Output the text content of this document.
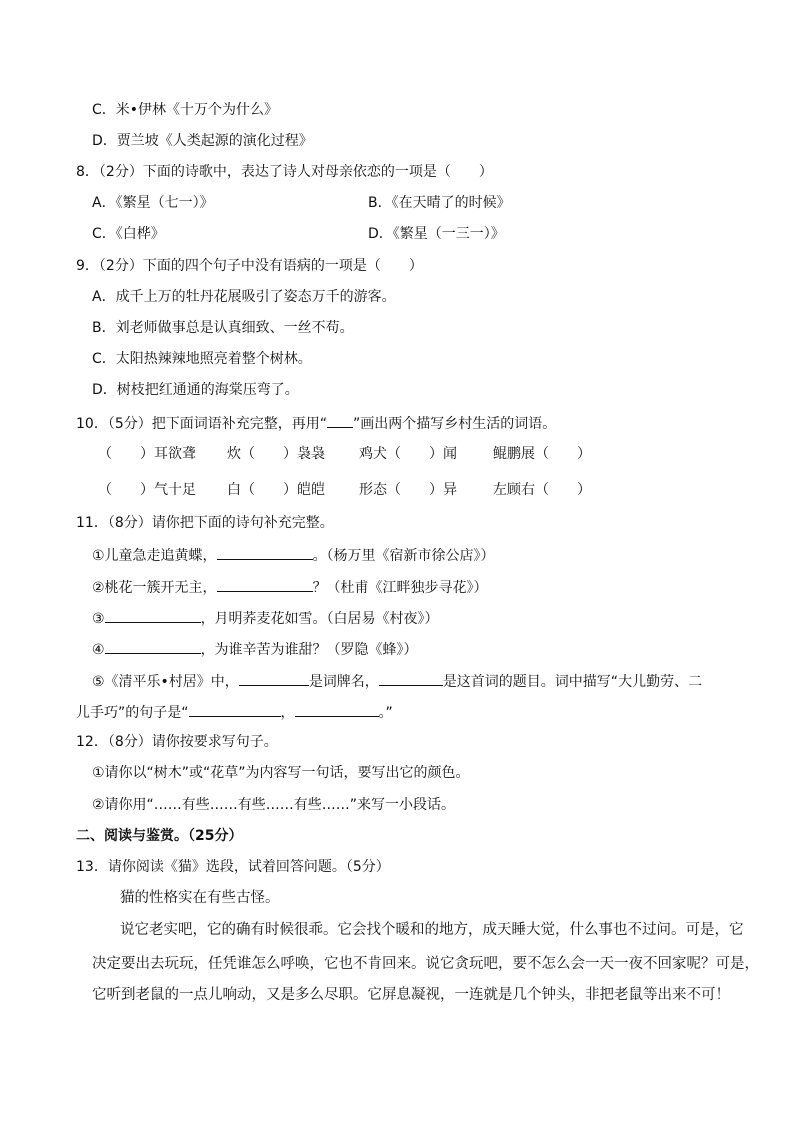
C．米•伊林《十万个为什么》
D．贾兰坡《人类起源的演化过程》
8．（2分）下面的诗歌中，表达了诗人对母亲依恋的一项是（　　）
A．《繁星（七一）》	B．《在天晴了的时候》
C．《白桦》	D．《繁星（一三一）》
9．（2分）下面的四个句子中没有语病的一项是（　　）
A．成千上万的牡丹花展吸引了姿态万千的游客。
B．刘老师做事总是认真细致、一丝不苟。
C．太阳热辣辣地照亮着整个树林。
D．树枝把红通通的海棠压弯了。
10．（5分）把下面词语补充完整，再用“ ”画出两个描写乡村生活的词语。
（　　）耳欲聋 炊（　　）袅袅 鸡犬（　　）闻	鲲鹏展（　　）
（　　）气十足 白（　　）皑皑 形态（　　）异	左顾右（　　）
11．（8分）请你把下面的诗句补充完整。
①儿童急走追黄蝶，	。（杨万里《宿新市徐公店》）
②桃花一簇开无主，	？（杜甫《江畔独步寻花》）
③	，月明荞麦花如雪。（白居易《村夜》）
④	，为谁辛苦为谁甜？（罗隐《蜂》）
⑤《清平乐•村居》中，	是词牌名，	是这首词的题目。词中描写“大儿勤劳、二
儿手巧”的句子是“	，	。”
12．（8分）请你按要求写句子。
①请你以“树木”或“花草”为内容写一句话，要写出它的颜色。
②请你用“……有些……有些……有些……”来写一小段话。
二、阅读与鉴赏。（25分）
13．请你阅读《猫》选段，试着回答问题。（5分）
猫的性格实在有些古怪。
说它老实吧，它的确有时候很乖。它会找个暖和的地方，成天睡大觉，什么事也不过问。可是，它
决定要出去玩玩，任凭谁怎么呼唤，它也不肯回来。说它贪玩吧，要不怎么会一天一夜不回家呢？可是，
它听到老鼠的一点儿响动，又是多么尽职。它屏息凝视，一连就是几个钟头，非把老鼠等出来不可！
